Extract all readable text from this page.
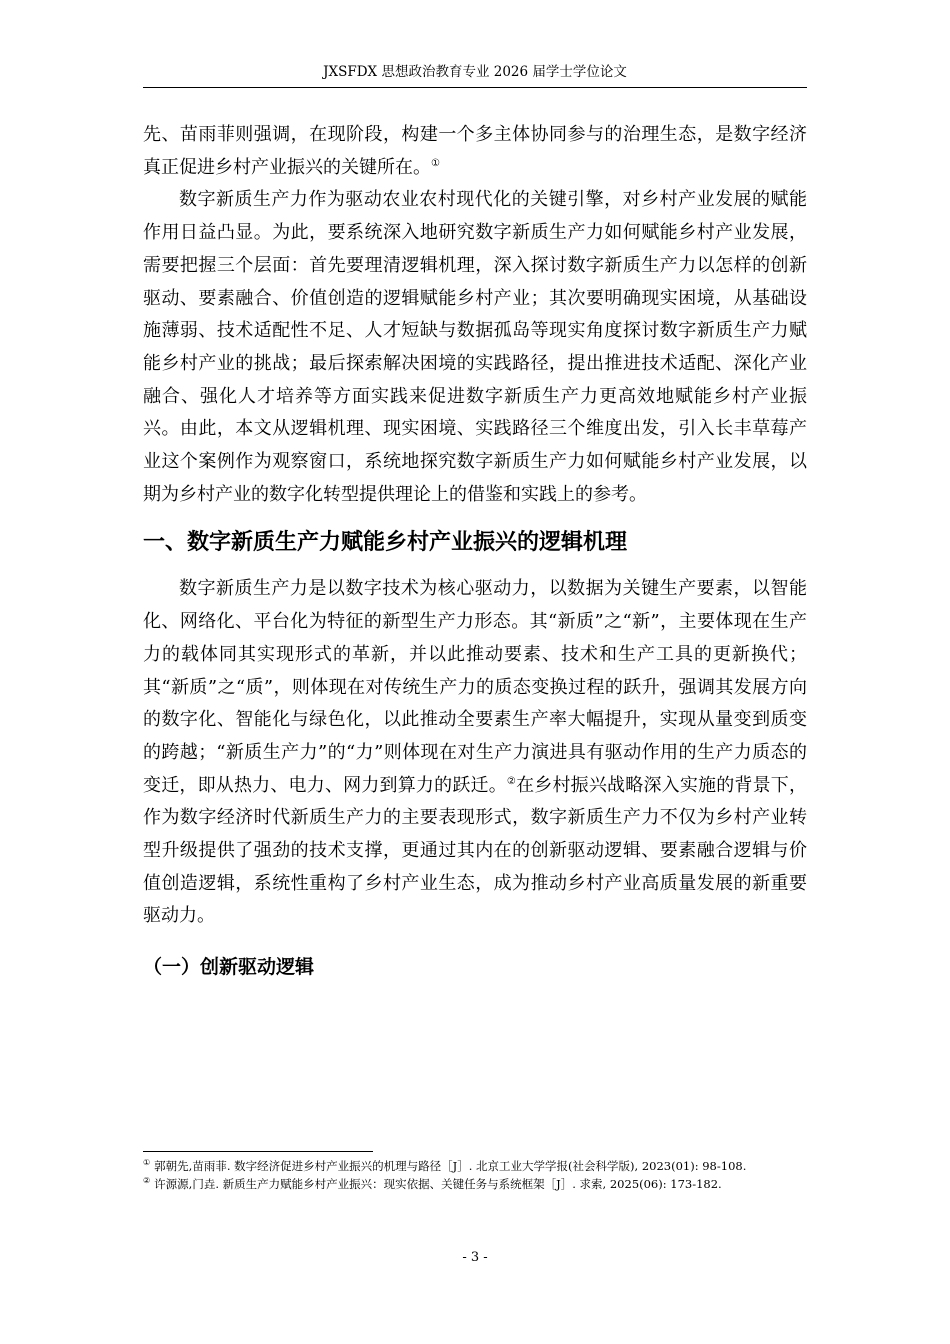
JXSFDX 思想政治教育专业 2026 届学士学位论文

先、苗雨菲则强调，在现阶段，构建一个多主体协同参与的治理生态，是数字经济真正促进乡村产业振兴的关键所在。①

数字新质生产力作为驱动农业农村现代化的关键引擎，对乡村产业发展的赋能作用日益凸显。为此，要系统深入地研究数字新质生产力如何赋能乡村产业发展，需要把握三个层面：首先要理清逻辑机理，深入探讨数字新质生产力以怎样的创新驱动、要素融合、价值创造的逻辑赋能乡村产业；其次要明确现实困境，从基础设施薄弱、技术适配性不足、人才短缺与数据孤岛等现实角度探讨数字新质生产力赋能乡村产业的挑战；最后探索解决困境的实践路径，提出推进技术适配、深化产业融合、强化人才培养等方面实践来促进数字新质生产力更高效地赋能乡村产业振兴。由此，本文从逻辑机理、现实困境、实践路径三个维度出发，引入长丰草莓产业这个案例作为观察窗口，系统地探究数字新质生产力如何赋能乡村产业发展，以期为乡村产业的数字化转型提供理论上的借鉴和实践上的参考。

一、数字新质生产力赋能乡村产业振兴的逻辑机理

数字新质生产力是以数字技术为核心驱动力，以数据为关键生产要素，以智能化、网络化、平台化为特征的新型生产力形态。其“新质”之“新”，主要体现在生产力的载体同其实现形式的革新，并以此推动要素、技术和生产工具的更新换代；其“新质”之“质”，则体现在对传统生产力的质态变换过程的跃升，强调其发展方向的数字化、智能化与绿色化，以此推动全要素生产率大幅提升，实现从量变到质变的跨越；“新质生产力”的“力”则体现在对生产力演进具有驱动作用的生产力质态的变迁，即从热力、电力、网力到算力的跃迁。②在乡村振兴战略深入实施的背景下，作为数字经济时代新质生产力的主要表现形式，数字新质生产力不仅为乡村产业转型升级提供了强劲的技术支撑，更通过其内在的创新驱动逻辑、要素融合逻辑与价值创造逻辑，系统性重构了乡村产业生态，成为推动乡村产业高质量发展的新重要驱动力。

（一）创新驱动逻辑

① 郭朝先,苗雨菲. 数字经济促进乡村产业振兴的机理与路径［J］. 北京工业大学学报(社会科学版), 2023(01): 98-108.

② 许源源,门垚. 新质生产力赋能乡村产业振兴：现实依据、关键任务与系统框架［J］. 求索, 2025(06): 173-182.

- 3 -
